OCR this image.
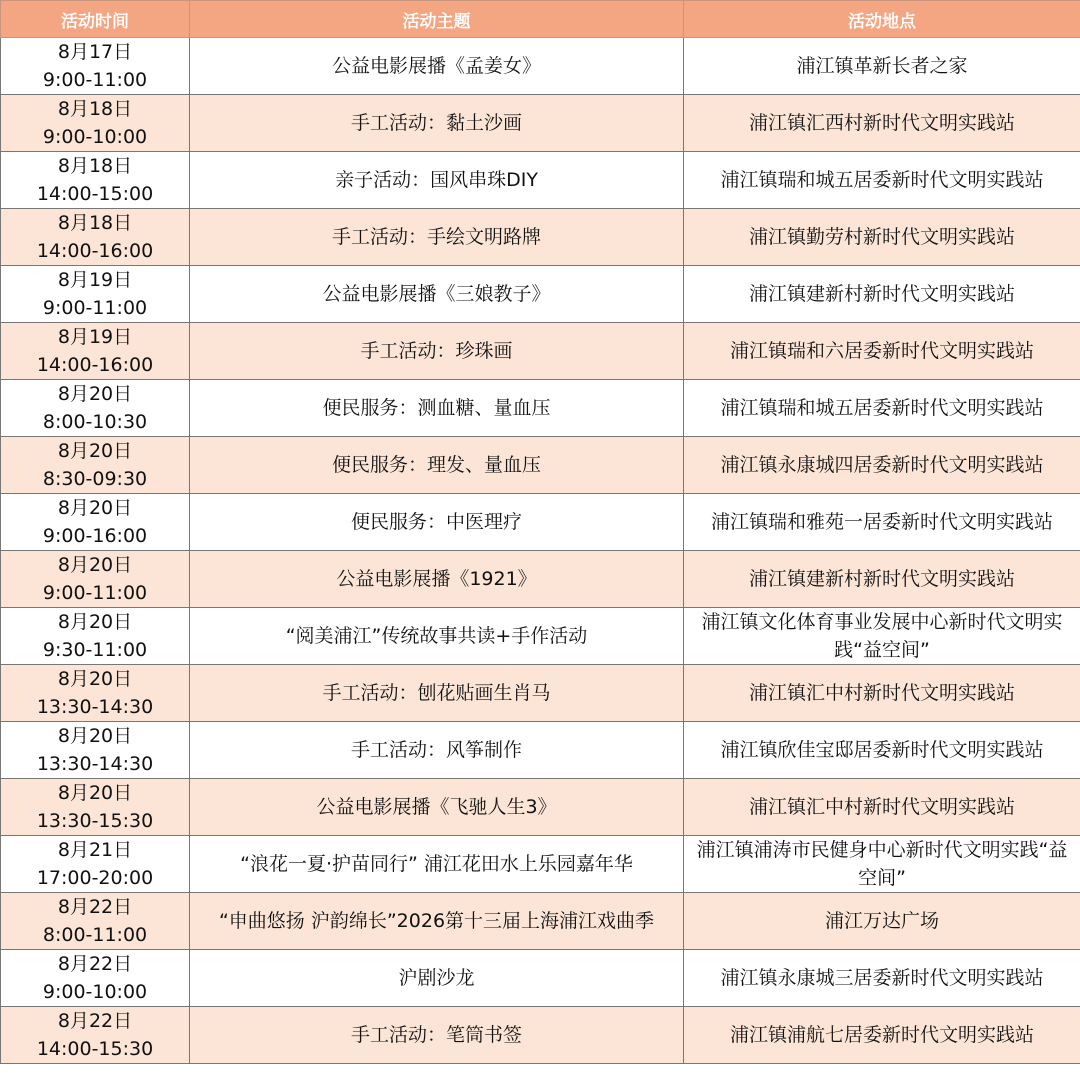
活动时间	活动主题	活动地点

8月17日
9:00-11:00	公益电影展播《孟姜女》	浦江镇革新长者之家

8月18日
9:00-10:00	手工活动：黏土沙画	浦江镇汇西村新时代文明实践站

8月18日
14:00-15:00	亲子活动：国风串珠DIY	浦江镇瑞和城五居委新时代文明实践站

8月18日
14:00-16:00	手工活动：手绘文明路牌	浦江镇勤劳村新时代文明实践站

8月19日
9:00-11:00	公益电影展播《三娘教子》	浦江镇建新村新时代文明实践站

8月19日
14:00-16:00	手工活动：珍珠画	浦江镇瑞和六居委新时代文明实践站

8月20日
8:00-10:30	便民服务：测血糖、量血压	浦江镇瑞和城五居委新时代文明实践站

8月20日
8:30-09:30	便民服务：理发、量血压	浦江镇永康城四居委新时代文明实践站

8月20日
9:00-16:00	便民服务：中医理疗	浦江镇瑞和雅苑一居委新时代文明实践站

8月20日
9:00-11:00	公益电影展播《1921》	浦江镇建新村新时代文明实践站

8月20日
9:30-11:00	“阅美浦江”传统故事共读+手作活动	浦江镇文化体育事业发展中心新时代文明实践“益空间”

8月20日
13:30-14:30	手工活动：刨花贴画生肖马	浦江镇汇中村新时代文明实践站

8月20日
13:30-14:30	手工活动：风筝制作	浦江镇欣佳宝邸居委新时代文明实践站

8月20日
13:30-15:30	公益电影展播《飞驰人生3》	浦江镇汇中村新时代文明实践站

8月21日
17:00-20:00	“浪花一夏·护苗同行” 浦江花田水上乐园嘉年华	浦江镇浦涛市民健身中心新时代文明实践“益空间”

8月22日
8:00-11:00	“申曲悠扬 沪韵绵长”2026第十三届上海浦江戏曲季	浦江万达广场

8月22日
9:00-10:00	沪剧沙龙	浦江镇永康城三居委新时代文明实践站

8月22日
14:00-15:30	手工活动：笔筒书签	浦江镇浦航七居委新时代文明实践站
